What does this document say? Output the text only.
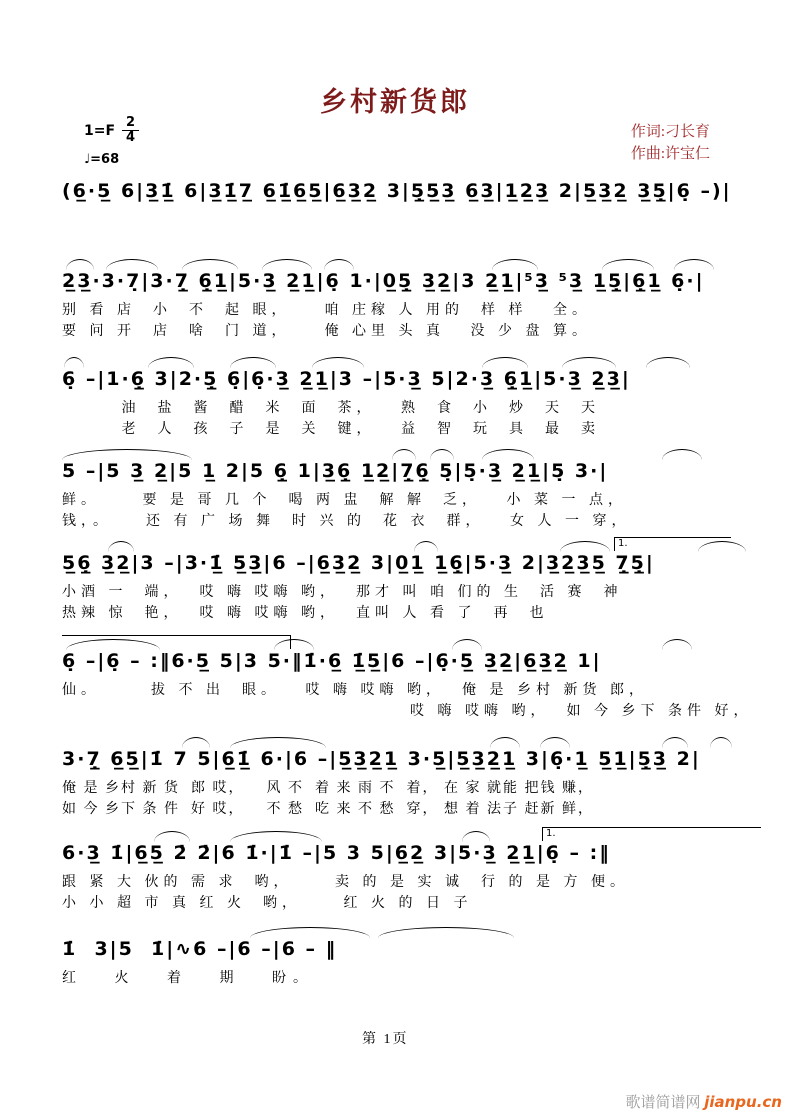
乡村新货郎
$1=F \frac{2}{4}$
♩=68
作词:刁长育
作曲:许宝仁
(6̲·5̲ 6|3̲1̲̇ 6|3̲1̲̇7̲ 6̲1̲̇6̲5̲|6̲3̲2̲ 3|5̲̣5̲3̲ 6̲3̲|1̲2̲3̲ 2|5̲3̲2̲ 3̲5̲̣|6̣ –)|
2̲3̲·3·7̣|3·7̲̣ 6̲̣1̲|5·3̲ 2̲1̲|6̣ 1·|0̲5̲̣ 3̲2̲|3 2̲1̲|⁵3̲ ⁵3̲ 1̲5̲̣|6̲̣1̲ 6̣·|
别 看 店  小  不  起 眼，    咱 庄稼 人 用的  样 样   全。
要 问 开  店  啥  门 道，    俺 心里 头 真   没 少 盘 算。
6̣ –|1·6̲̣ 3|2·5̲̣ 6̣|6̣·3̲ 2̲1̲|3 –|5·3̲ 5|2·3̲ 6̲̣1̲|5·3̲ 2̲3̲|
油  盐  酱  醋  米  面  茶，   熟  食  小  炒  天  天
老  人  孩  子  是  关  键，   益  智  玩  具  最  卖
5 –|5 3̲ 2̲|5 1̲ 2|5 6̲̣ 1|3̲6̲̣ 1̲2̲|7̲̣6̲̣ 5̣|5̣·3̲ 2̲1̲|5̣ 3·|
鲜。     要 是 哥 几 个  喝 两 盅  解 解  乏，   小 菜 一 点，
钱，。    还 有 广 场 舞  时 兴 的  花 衣  群，   女 人 一 穿，
1.
5̲6̲̣ 3̲2̲|3 –|3·1̲̇ 5̲3̲|6 –|6̲3̲2̲ 3|0̲1̲ 1̲6̲̣|5·3̲ 2|3̲2̲3̲5̲ 7̲̣5̲̣|
小酒 一  端，  哎 嗨 哎嗨 哟，  那才 叫 咱 们的 生  活 赛  神
热辣 惊  艳，  哎 嗨 哎嗨 哟，  直叫 人 看 了  再  也
6̣ –|6̣ – :‖6·5̲ 5|3 5·‖1̇·6̲ 1̲̇5̲|6 –|6̣·5̲ 3̲2̲|6̲3̲2̲ 1|
仙。      拔 不 出  眼。   哎 嗨 哎嗨 哟，  俺 是 乡村 新货 郎，
哎 嗨 哎嗨 哟，  如 今 乡下 条件 好，
3·7̲̣ 6̲5̲|1̇ 7 5|6̲1̲̇ 6·|6 –|5̲3̲2̲1̲ 3·5̲|5̲3̲2̲1̲ 3|6̣·1̲ 5̲1̲|5̲̣3̲ 2|
俺 是 乡村 新 货  郎 哎，    风 不  着 来 雨 不  着， 在 家 就能 把钱 赚，
如 今 乡下 条 件  好 哎，    不 愁  吃 来 不 愁  穿， 想 着 法子 赶新 鲜，
1.
6·3̲ 1̇|6̲5̲ 2̇ 2̇|6 1̇·|1̇ –|5 3 5|6̲2̲ 3|5·3̲ 2̲1̲|6̣ – :‖
跟 紧 大 伙的 需 求  哟，     卖 的 是 实 诚  行 的 是 方 便。
小 小 超 市 真 红 火  哟，     红 火 的 日 子
1̇  3|5  1̇|∿6 –|6 –|6 – ‖
红   火   着   期   盼。
第 1页
歌谱简谱网 jianpu.cn
